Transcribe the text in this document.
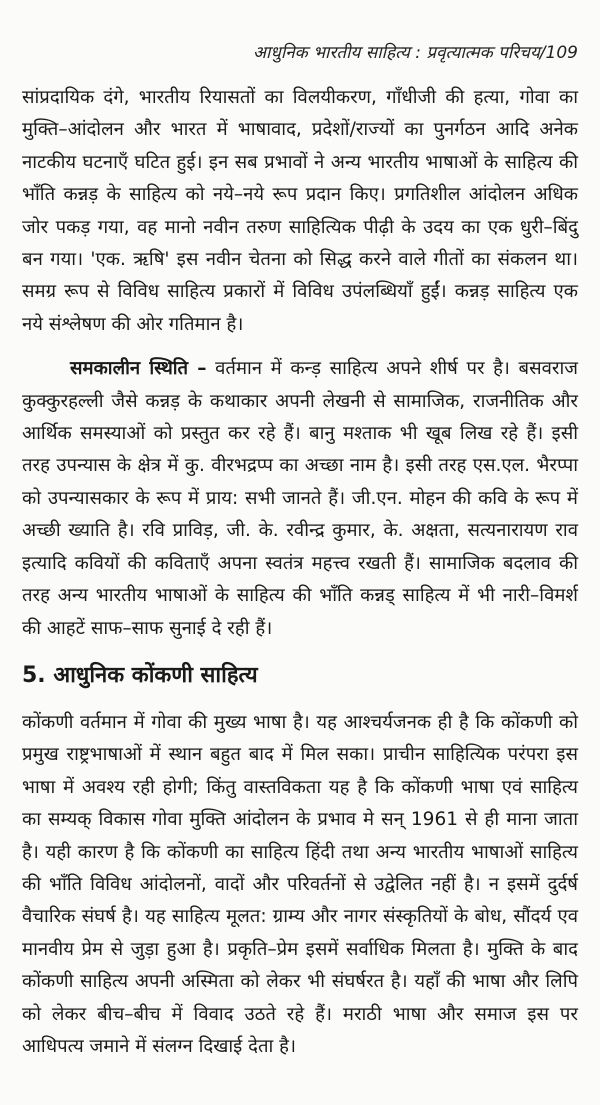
आधुनिक भारतीय साहित्य : प्रवृत्यात्मक परिचय/109
सांप्रदायिक दंगे, भारतीय रियासतों का विलयीकरण, गाँधीजी की हत्या, गोवा का
मुक्ति–आंदोलन और भारत में भाषावाद, प्रदेशों/राज्यों का पुनर्गठन आदि अनेक
नाटकीय घटनाएँ घटित हुई। इन सब प्रभावों ने अन्य भारतीय भाषाओं के साहित्य की
भाँति कन्नड़ के साहित्य को नये–नये रूप प्रदान किए। प्रगतिशील आंदोलन अधिक
जोर पकड़ गया, वह मानो नवीन तरुण साहित्यिक पीढ़ी के उदय का एक धुरी–बिंदु
बन गया। 'एक. ऋषि' इस नवीन चेतना को सिद्ध करने वाले गीतों का संकलन था।
समग्र रूप से विविध साहित्य प्रकारों में विविध उपंलब्धियाँ हुईं। कन्नड़ साहित्य एक
नये संश्लेषण की ओर गतिमान है।
समकालीन स्थिति – वर्तमान में कन्ड़ साहित्य अपने शीर्ष पर है। बसवराज
कुक्कुरहल्ली जैसे कन्नड़ के कथाकार अपनी लेखनी से सामाजिक, राजनीतिक और
आर्थिक समस्याओं को प्रस्तुत कर रहे हैं। बानु मश्ताक भी खूब लिख रहे हैं। इसी
तरह उपन्यास के क्षेत्र में कु. वीरभद्रप्प का अच्छा नाम है। इसी तरह एस.एल. भैरप्पा
को उपन्यासकार के रूप में प्राय: सभी जानते हैं। जी.एन. मोहन की कवि के रूप में
अच्छी ख्याति है। रवि प्राविड़, जी. के. रवीन्द्र कुमार, के. अक्षता, सत्यनारायण राव
इत्यादि कवियों की कविताएँ अपना स्वतंत्र महत्त्व रखती हैं। सामाजिक बदलाव की
तरह अन्य भारतीय भाषाओं के साहित्य की भाँति कन्नड् साहित्य में भी नारी–विमर्श
की आहटें साफ–साफ सुनाई दे रही हैं।
5. आधुनिक कोंकणी साहित्य
कोंकणी वर्तमान में गोवा की मुख्य भाषा है। यह आश्चर्यजनक ही है कि कोंकणी को
प्रमुख राष्ट्रभाषाओं में स्थान बहुत बाद में मिल सका। प्राचीन साहित्यिक परंपरा इस
भाषा में अवश्य रही होगी; किंतु वास्तविकता यह है कि कोंकणी भाषा एवं साहित्य
का सम्यक् विकास गोवा मुक्ति आंदोलन के प्रभाव मे सन् 1961 से ही माना जाता
है। यही कारण है कि कोंकणी का साहित्य हिंदी तथा अन्य भारतीय भाषाओं साहित्य
की भाँति विविध आंदोलनों, वादों और परिवर्तनों से उद्वेलित नहीं है। न इसमें दुर्दर्ष
वैचारिक संघर्ष है। यह साहित्य मूलत: ग्राम्य और नागर संस्कृतियों के बोध, सौंदर्य एव
मानवीय प्रेम से जुड़ा हुआ है। प्रकृति–प्रेम इसमें सर्वाधिक मिलता है। मुक्ति के बाद
कोंकणी साहित्य अपनी अस्मिता को लेकर भी संघर्षरत है। यहाँ की भाषा और लिपि
को लेकर बीच–बीच में विवाद उठते रहे हैं। मराठी भाषा और समाज इस पर
आधिपत्य जमाने में संलग्न दिखाई देता है।
